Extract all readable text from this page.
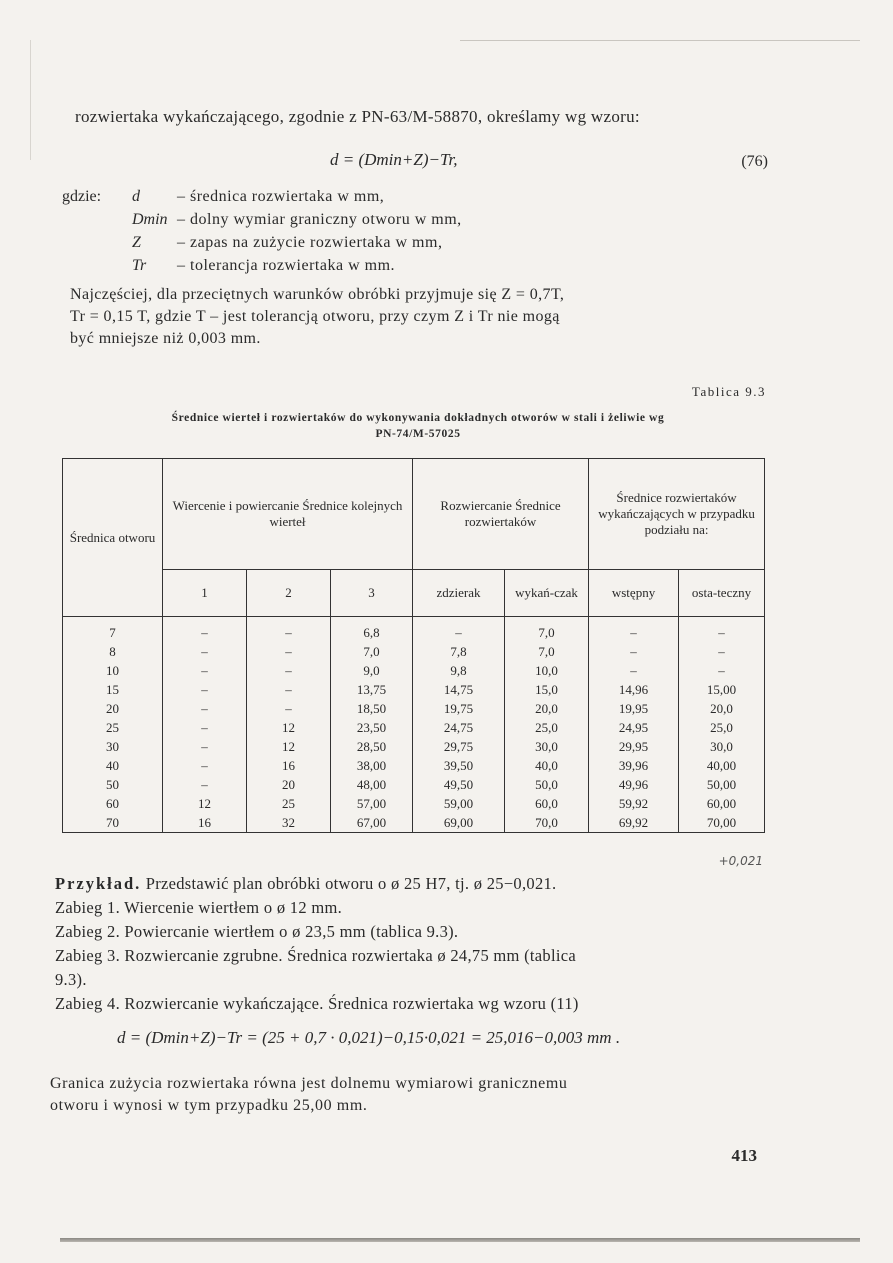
rozwiertaka wykańczającego, zgodnie z PN-63/M-58870, określamy wg wzoru:
d = (Dmin+Z)−Tr,	(76)
gdzie:	d	– średnica rozwiertaka w mm,
Dmin – dolny wymiar graniczny otworu w mm,
Z	– zapas na zużycie rozwiertaka w mm,
Tr	– tolerancja rozwiertaka w mm.
Najczęściej, dla przeciętnych warunków obróbki przyjmuje się Z = 0,7T,
Tr = 0,15 T, gdzie T – jest tolerancją otworu, przy czym Z i Tr nie mogą
być mniejsze niż 0,003 mm.
Tablica 9.3
Średnice wierteł i rozwiertaków do wykonywania dokładnych otworów w stali i żeliwie wg
PN-74/M-57025
Średnica otworu	Wiercenie i powiercanie Średnice kolejnych wierteł			Rozwiercanie Średnice rozwiertaków		Średnice rozwiertaków wykańczających w przypadku podziału na:	
	1	2	3	zdzierak	wykań-czak	wstępny	osta-teczny
7	–	–	6,8	–	7,0	–	–
8	–	–	7,0	7,8	7,0	–	–
10	–	–	9,0	9,8	10,0	–	–
15	–	–	13,75	14,75	15,0	14,96	15,00
20	–	–	18,50	19,75	20,0	19,95	20,0
25	–	12	23,50	24,75	25,0	24,95	25,0
30	–	12	28,50	29,75	30,0	29,95	30,0
40	–	16	38,00	39,50	40,0	39,96	40,00
50	–	20	48,00	49,50	50,0	49,96	50,00
60	12	25	57,00	59,00	60,0	59,92	60,00
70	16	32	67,00	69,00	70,0	69,92	70,00
+0,021
Przykład. Przedstawić plan obróbki otworu o ø 25 H7, tj. ø 25−0,021.
Zabieg 1. Wiercenie wiertłem o ø 12 mm.
Zabieg 2. Powiercanie wiertłem o ø 23,5 mm (tablica 9.3).
Zabieg 3. Rozwiercanie zgrubne. Średnica rozwiertaka ø 24,75 mm (tablica
9.3).
Zabieg 4. Rozwiercanie wykańczające. Średnica rozwiertaka wg wzoru (11)
d = (Dmin+Z)−Tr = (25 + 0,7 · 0,021)−0,15·0,021 = 25,016−0,003 mm .
Granica zużycia rozwiertaka równa jest dolnemu wymiarowi granicznemu
otworu i wynosi w tym przypadku 25,00 mm.
413
